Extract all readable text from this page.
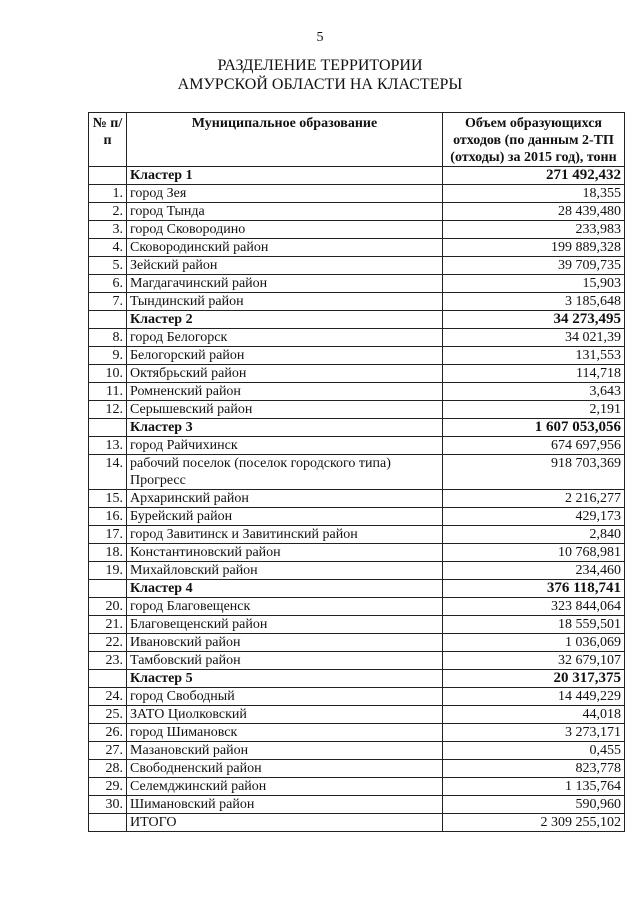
5
РАЗДЕЛЕНИЕ ТЕРРИТОРИИ
АМУРСКОЙ ОБЛАСТИ НА КЛАСТЕРЫ
№ п/п	Муниципальное образование	Объем образующихся отходов (по данным 2-ТП (отходы) за 2015 год), тонн
	Кластер 1	271 492,432
1.	город Зея	18,355
2.	город Тында	28 439,480
3.	город Сковородино	233,983
4.	Сковородинский район	199 889,328
5.	Зейский район	39 709,735
6.	Магдагачинский район	15,903
7.	Тындинский район	3 185,648
	Кластер 2	34 273,495
8.	город Белогорск	34 021,39
9.	Белогорский район	131,553
10.	Октябрьский район	114,718
11.	Ромненский район	3,643
12.	Серышевский район	2,191
	Кластер 3	1 607 053,056
13.	город Райчихинск	674 697,956
14.	рабочий поселок (поселок городского типа) Прогресс	918 703,369
15.	Архаринский район	2 216,277
16.	Бурейский район	429,173
17.	город Завитинск и Завитинский район	2,840
18.	Константиновский район	10 768,981
19.	Михайловский район	234,460
	Кластер 4	376 118,741
20.	город Благовещенск	323 844,064
21.	Благовещенский район	18 559,501
22.	Ивановский район	1 036,069
23.	Тамбовский район	32 679,107
	Кластер 5	20 317,375
24.	город Свободный	14 449,229
25.	ЗАТО Циолковский	44,018
26.	город Шимановск	3 273,171
27.	Мазановский район	0,455
28.	Свободненский район	823,778
29.	Селемджинский район	1 135,764
30.	Шимановский район	590,960
	ИТОГО	2 309 255,102
